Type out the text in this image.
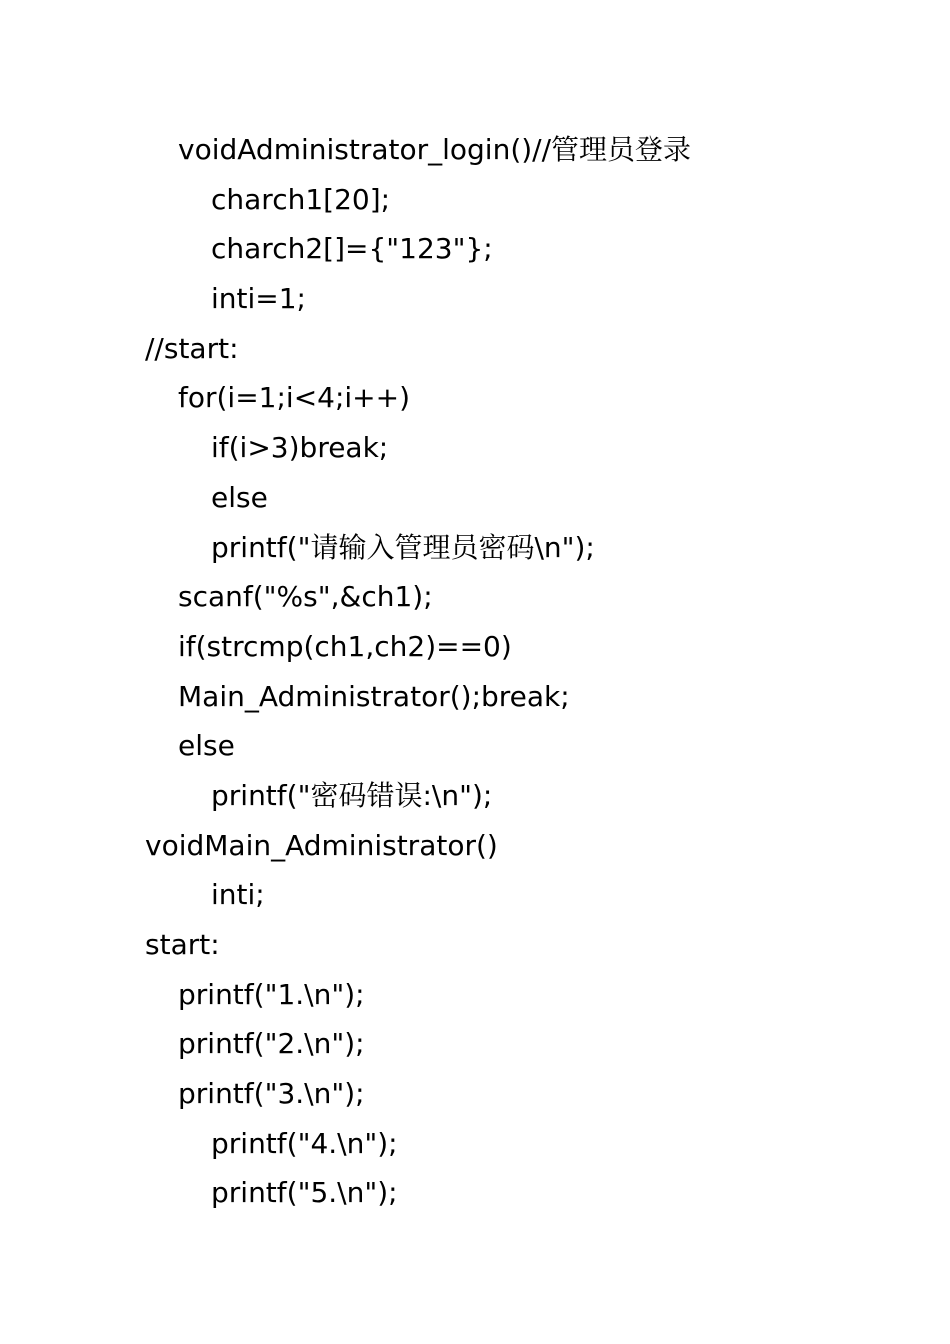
voidAdministrator_login()//管理员登录
charch1[20];
charch2[]={"123"};
inti=1;
//start:
for(i=1;i<4;i++)
if(i>3)break;
else
printf("请输入管理员密码\n");
scanf("%s",&ch1);
if(strcmp(ch1,ch2)==0)
Main_Administrator();break;
else
printf("密码错误:\n");
voidMain_Administrator()
inti;
start:
printf("1.\n");
printf("2.\n");
printf("3.\n");
printf("4.\n");
printf("5.\n");
